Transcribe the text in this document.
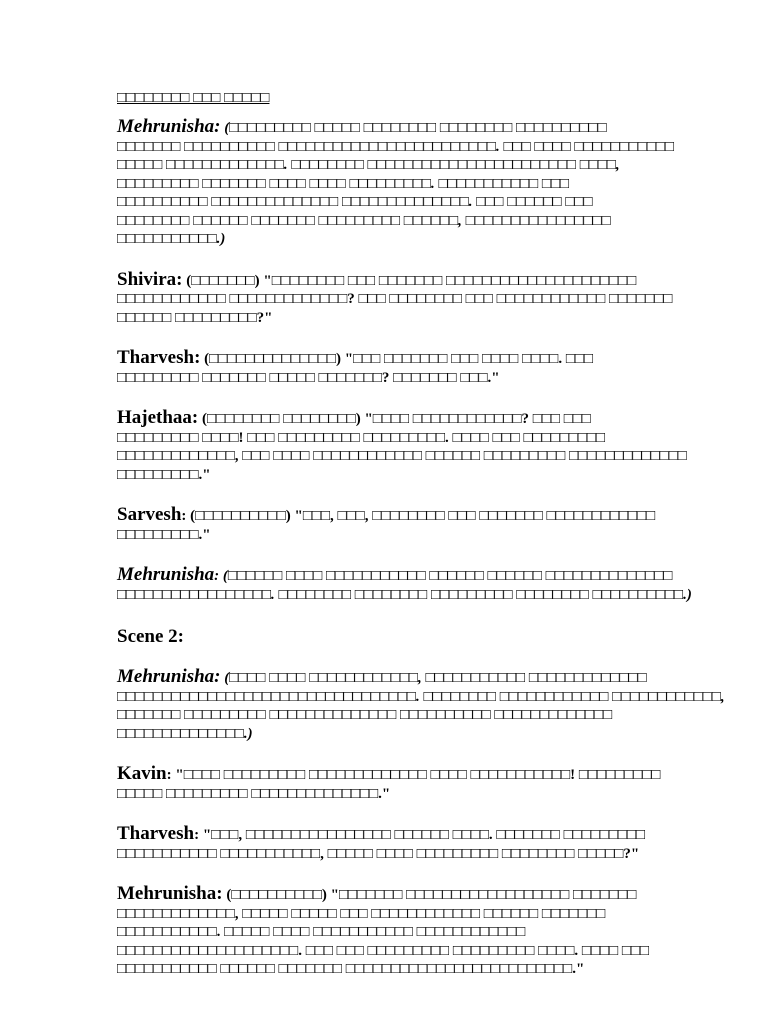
□□□□□□□□ □□□ □□□□□
Mehrunisha: (□□□□□□□□□ □□□□□ □□□□□□□□ □□□□□□□□ □□□□□□□□□□
□□□□□□□ □□□□□□□□□□ □□□□□□□□□□□□□□□□□□□□□□□□. □□□ □□□□ □□□□□□□□□□□
□□□□□ □□□□□□□□□□□□□. □□□□□□□□ □□□□□□□□□□□□□□□□□□□□□□□ □□□□,
□□□□□□□□□ □□□□□□□ □□□□ □□□□ □□□□□□□□□. □□□□□□□□□□□ □□□
□□□□□□□□□□ □□□□□□□□□□□□□□ □□□□□□□□□□□□□□. □□□ □□□□□□ □□□
□□□□□□□□ □□□□□□ □□□□□□□ □□□□□□□□□ □□□□□□, □□□□□□□□□□□□□□□□
□□□□□□□□□□□.)
Shivira: (□□□□□□□) "□□□□□□□□ □□□ □□□□□□□ □□□□□□□□□□□□□□□□□□□□□
□□□□□□□□□□□□ □□□□□□□□□□□□□? □□□ □□□□□□□□ □□□ □□□□□□□□□□□□ □□□□□□□
□□□□□□ □□□□□□□□□?"
Tharvesh: (□□□□□□□□□□□□□□) "□□□ □□□□□□□ □□□ □□□□ □□□□. □□□
□□□□□□□□□ □□□□□□□ □□□□□ □□□□□□□? □□□□□□□ □□□."
Hajethaa: (□□□□□□□□ □□□□□□□□) "□□□□ □□□□□□□□□□□□? □□□ □□□
□□□□□□□□□ □□□□! □□□ □□□□□□□□□ □□□□□□□□□. □□□□ □□□ □□□□□□□□□
□□□□□□□□□□□□□, □□□ □□□□ □□□□□□□□□□□□ □□□□□□ □□□□□□□□□ □□□□□□□□□□□□□
□□□□□□□□□."
Sarvesh: (□□□□□□□□□□) "□□□, □□□, □□□□□□□□ □□□ □□□□□□□ □□□□□□□□□□□□
□□□□□□□□□."
Mehrunisha: (□□□□□□ □□□□ □□□□□□□□□□□ □□□□□□ □□□□□□ □□□□□□□□□□□□□□
□□□□□□□□□□□□□□□□□. □□□□□□□□ □□□□□□□□ □□□□□□□□□ □□□□□□□□ □□□□□□□□□□.)
Scene 2:
Mehrunisha: (□□□□ □□□□ □□□□□□□□□□□□, □□□□□□□□□□□ □□□□□□□□□□□□□
□□□□□□□□□□□□□□□□□□□□□□□□□□□□□□□□□. □□□□□□□□ □□□□□□□□□□□□ □□□□□□□□□□□□,
□□□□□□□ □□□□□□□□□ □□□□□□□□□□□□□□ □□□□□□□□□□ □□□□□□□□□□□□□
□□□□□□□□□□□□□□.)
Kavin: "□□□□ □□□□□□□□□ □□□□□□□□□□□□□ □□□□ □□□□□□□□□□□! □□□□□□□□□
□□□□□ □□□□□□□□□ □□□□□□□□□□□□□□."
Tharvesh: "□□□, □□□□□□□□□□□□□□□□ □□□□□□ □□□□. □□□□□□□ □□□□□□□□□
□□□□□□□□□□□ □□□□□□□□□□□, □□□□□ □□□□ □□□□□□□□□ □□□□□□□□ □□□□□?"
Mehrunisha: (□□□□□□□□□□) "□□□□□□□ □□□□□□□□□□□□□□□□□□ □□□□□□□
□□□□□□□□□□□□□, □□□□□ □□□□□ □□□ □□□□□□□□□□□□ □□□□□□ □□□□□□□
□□□□□□□□□□□. □□□□□ □□□□ □□□□□□□□□□□ □□□□□□□□□□□□
□□□□□□□□□□□□□□□□□□□□. □□□ □□□ □□□□□□□□□ □□□□□□□□□ □□□□. □□□□ □□□
□□□□□□□□□□□ □□□□□□ □□□□□□□ □□□□□□□□□□□□□□□□□□□□□□□□□."
